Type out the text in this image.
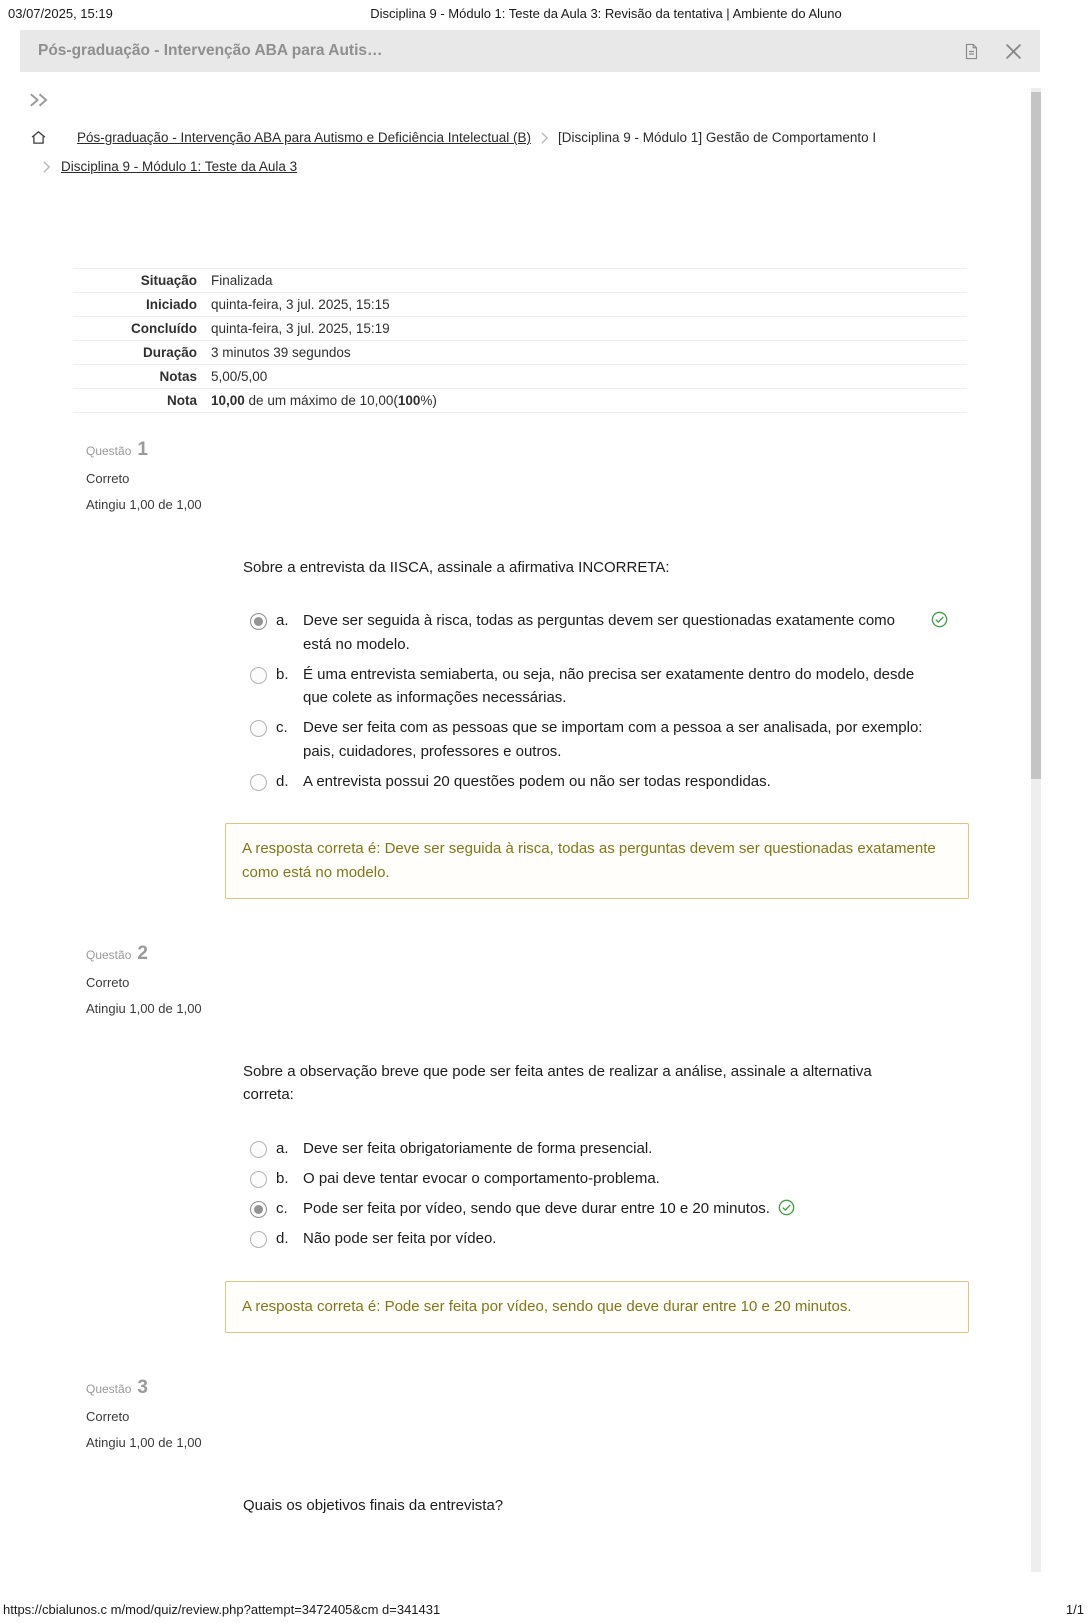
03/07/2025, 15:19	Disciplina 9 - Módulo 1: Teste da Aula 3: Revisão da tentativa | Ambiente do Aluno
Pós-graduação - Intervenção ABA para Autis…
Pós-graduação - Intervenção ABA para Autismo e Deficiência Intelectual (B) [Disciplina 9 - Módulo 1] Gestão de Comportamento I
Disciplina 9 - Módulo 1: Teste da Aula 3
Situação	Finalizada
Iniciado	quinta-feira, 3 jul. 2025, 15:15
Concluído	quinta-feira, 3 jul. 2025, 15:19
Duração	3 minutos 39 segundos
Notas	5,00/5,00
Nota	10,00 de um máximo de 10,00(100%)
Questão 1
Correto
Atingiu 1,00 de 1,00
Sobre a entrevista da IISCA, assinale a afirmativa INCORRETA:
a. Deve ser seguida à risca, todas as perguntas devem ser questionadas exatamente como está no modelo.
b. É uma entrevista semiaberta, ou seja, não precisa ser exatamente dentro do modelo, desde que colete as informações necessárias.
c.	Deve ser feita com as pessoas que se importam com a pessoa a ser analisada, por exemplo: pais, cuidadores, professores e outros.
d. A entrevista possui 20 questões podem ou não ser todas respondidas.
A resposta correta é: Deve ser seguida à risca, todas as perguntas devem ser questionadas exatamente como está no modelo.
Questão 2
Correto
Atingiu 1,00 de 1,00
Sobre a observação breve que pode ser feita antes de realizar a análise, assinale a alternativa correta:
a. Deve ser feita obrigatoriamente de forma presencial.
b. O pai deve tentar evocar o comportamento-problema.
c.	Pode ser feita por vídeo, sendo que deve durar entre 10 e 20 minutos.
d. Não pode ser feita por vídeo.
A resposta correta é: Pode ser feita por vídeo, sendo que deve durar entre 10 e 20 minutos.
Questão 3
Correto
Atingiu 1,00 de 1,00
Quais os objetivos finais da entrevista?
https://cbialunos.c m/mod/quiz/review.php?attempt=3472405&cm d=341431	1/1
